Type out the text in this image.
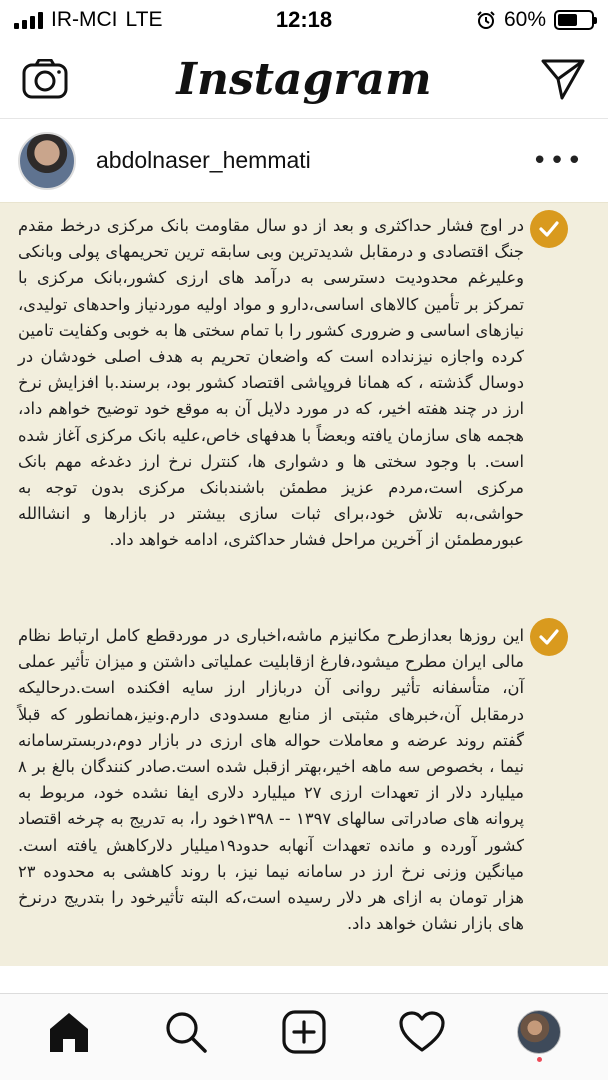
IR-MCI LTE	12:18	60%
Instagram
abdolnaser_hemmati	•••

در اوج فشار حداکثری و بعد از دو سال مقاومت بانک مرکزی درخط مقدم جنگ اقتصادی و درمقابل شدیدترین وبی سابقه ترین تحریمهای پولی وبانکی وعلیرغم محدودیت دسترسی به درآمد های ارزی کشور،بانک مرکزی با تمرکز بر تأمین کالاهای اساسی،دارو و مواد اولیه موردنیاز واحدهای تولیدی، نیازهای اساسی و ضروری کشور را با تمام سختی ها به خوبی وکفایت تامین کرده واجازه نیزنداده است که واضعان تحریم به هدف اصلی خودشان در دوسال گذشته ، که همانا فروپاشی اقتصاد کشور بود، برسند.با افزایش نرخ ارز در چند هفته اخیر، که در مورد دلایل آن به موقع خود توضیح خواهم داد، هجمه های سازمان یافته وبعضاً با هدفهای خاص،علیه بانک مرکزی آغاز شده است. با وجود سختی ها و دشواری ها، کنترل نرخ ارز دغدغه مهم بانک مرکزی است،مردم عزیز مطمئن باشندبانک مرکزی بدون توجه به حواشی،به تلاش خود،برای ثبات سازی بیشتر در بازارها و انشاالله عبورمطمئن از آخرین مراحل فشار حداکثری، ادامه خواهد داد.

این روزها بعدازطرح مکانیزم ماشه،اخباری در موردقطع کامل ارتباط نظام مالی ایران مطرح میشود،فارغ ازقابلیت عملیاتی داشتن و میزان تأثیر عملی آن، متأسفانه تأثیر روانی آن دربازار ارز سایه افکنده است.درحالیکه درمقابل آن،خبرهای مثبتی از منابع مسدودی دارم.ونیز،همانطور که قبلاً گفتم روند عرضه و معاملات حواله های ارزی در بازار دوم،دربسترسامانه نیما ، بخصوص سه ماهه اخیر،بهتر ازقبل شده است.صادر کنندگان بالغ بر ۸ میلیارد دلار از تعهدات ارزی ۲۷ میلیارد دلاری ایفا نشده خود، مربوط به پروانه های صادراتی سالهای ۱۳۹۷ -- ۱۳۹۸خود را، به تدریج به چرخه اقتصاد کشور آورده و مانده تعهدات آنهابه حدود۱۹میلیار دلارکاهش یافته است. میانگین وزنی نرخ ارز در سامانه نیما نیز، با روند کاهشی به محدوده ۲۳ هزار تومان به ازای هر دلار رسیده است،که البته تأثیرخود را بتدریج درنرخ های بازار نشان خواهد داد.
